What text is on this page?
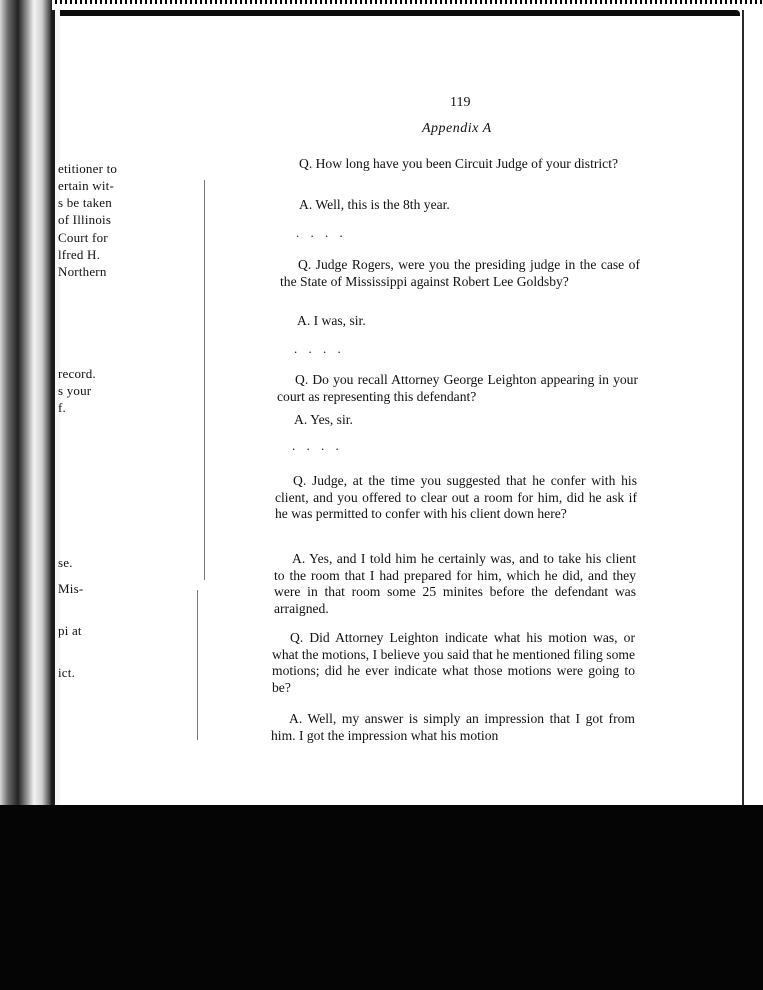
etitioner to
ertain wit-
s be taken
of Illinois
Court for
lfred H.
Northern
record.
s your
f.
se.
Mis-
pi at
ict.
119
Appendix A
Q. How long have you been Circuit Judge of your district?
A. Well, this is the 8th year.
. . . .
Q. Judge Rogers, were you the presiding judge in the case of the State of Mississippi against Robert Lee Goldsby?
A. I was, sir.
. . . .
Q. Do you recall Attorney George Leighton appearing in your court as representing this defendant?
A. Yes, sir.
. . . .
Q. Judge, at the time you suggested that he confer with his client, and you offered to clear out a room for him, did he ask if he was permitted to confer with his client down here?
A. Yes, and I told him he certainly was, and to take his client to the room that I had prepared for him, which he did, and they were in that room some 25 minites before the defendant was arraigned.
Q. Did Attorney Leighton indicate what his motion was, or what the motions, I believe you said that he mentioned filing some motions; did he ever indicate what those motions were going to be?
A. Well, my answer is simply an impression that I got from him. I got the impression what his motion
